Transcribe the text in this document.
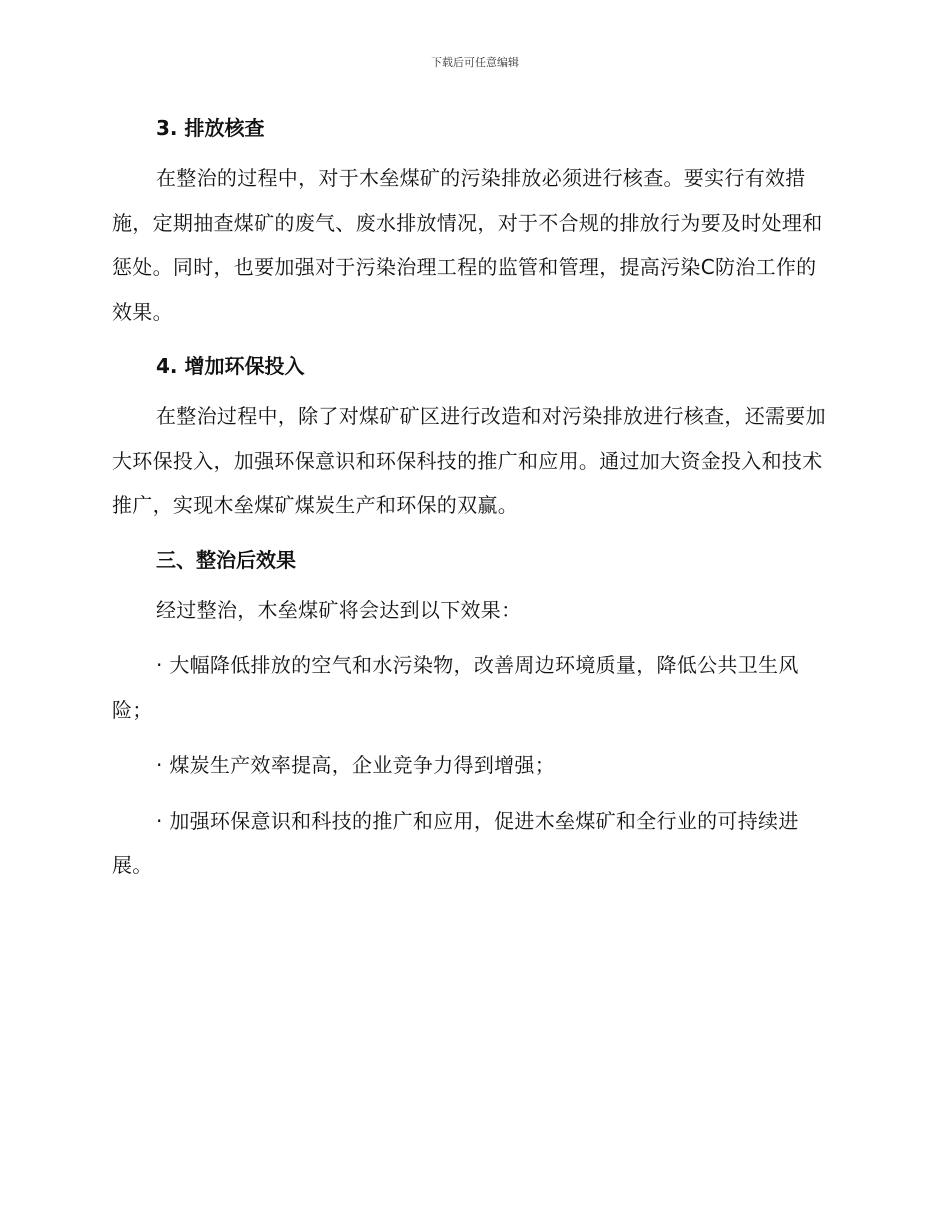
下载后可任意编辑
3. 排放核查

在整治的过程中，对于木垒煤矿的污染排放必须进行核查。要实行有效措施，定期抽查煤矿的废气、废水排放情况，对于不合规的排放行为要及时处理和惩处。同时，也要加强对于污染治理工程的监管和管理，提高污染C防治工作的效果。

4. 增加环保投入

在整治过程中，除了对煤矿矿区进行改造和对污染排放进行核查，还需要加大环保投入，加强环保意识和环保科技的推广和应用。通过加大资金投入和技术推广，实现木垒煤矿煤炭生产和环保的双赢。

三、整治后效果

经过整治，木垒煤矿将会达到以下效果：

· 大幅降低排放的空气和水污染物，改善周边环境质量，降低公共卫生风险；

· 煤炭生产效率提高，企业竞争力得到增强；

· 加强环保意识和科技的推广和应用，促进木垒煤矿和全行业的可持续进展。
